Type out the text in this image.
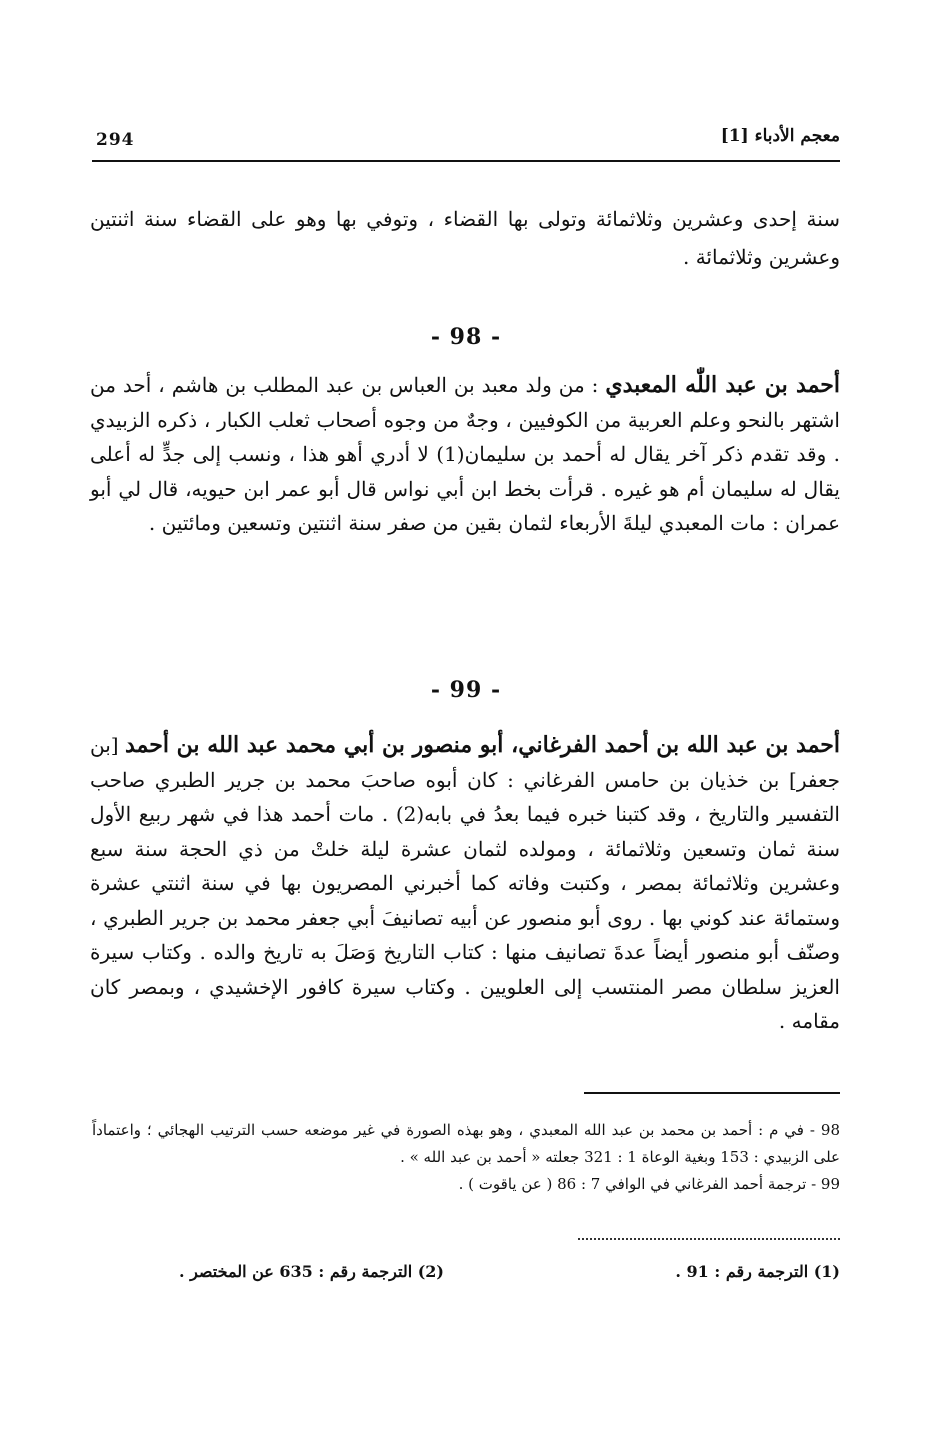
معجم الأدباء [1]
294

سنة إحدى وعشرين وثلاثمائة وتولى بها القضاء ، وتوفي بها وهو على القضاء سنة اثنتين وعشرين وثلاثمائة .

- 98 -

أحمد بن عبد اللّٰه المعبدي : من ولد معبد بن العباس بن عبد المطلب بن هاشم ، أحد من اشتهر بالنحو وعلم العربية من الكوفيين ، وجهٌ من وجوه أصحاب ثعلب الكبار ، ذكره الزبيدي . وقد تقدم ذكر آخر يقال له أحمد بن سليمان(1) لا أدري أهو هذا ، ونسب إلى جدٍّ له أعلى يقال له سليمان أم هو غيره . قرأت بخط ابن أبي نواس قال أبو عمر ابن حيويه، قال لي أبو عمران : مات المعبدي ليلةَ الأربعاء لثمان بقين من صفر سنة اثنتين وتسعين ومائتين .

- 99 -

أحمد بن عبد الله بن أحمد الفرغاني، أبو منصور بن أبي محمد عبد الله بن أحمد [بن جعفر] بن خذيان بن حامس الفرغاني : كان أبوه صاحبَ محمد بن جرير الطبري صاحب التفسير والتاريخ ، وقد كتبنا خبره فيما بعدُ في بابه(2) . مات أحمد هذا في شهر ربيع الأول سنة ثمان وتسعين وثلاثمائة ، ومولده لثمان عشرة ليلة خلتْ من ذي الحجة سنة سبع وعشرين وثلاثمائة بمصر ، وكتبت وفاته كما أخبرني المصريون بها في سنة اثنتي عشرة وستمائة عند كوني بها . روى أبو منصور عن أبيه تصانيفَ أبي جعفر محمد بن جرير الطبري ، وصنّف أبو منصور أيضاً عدةَ تصانيف منها : كتاب التاريخ وَصَلَ به تاريخ والده . وكتاب سيرة العزيز سلطان مصر المنتسب إلى العلويين . وكتاب سيرة كافور الإخشيدي ، وبمصر كان مقامه .

98 - في م : أحمد بن محمد بن عبد الله المعبدي ، وهو بهذه الصورة في غير موضعه حسب الترتيب الهجائي ؛ واعتماداً على الزبيدي : 153 وبغية الوعاة 1 : 321 جعلته « أحمد بن عبد الله » .

99 - ترجمة أحمد الفرغاني في الوافي 7 : 86 ( عن ياقوت ) .

(1) الترجمة رقم : 91 .
(2) الترجمة رقم : 635 عن المختصر .
